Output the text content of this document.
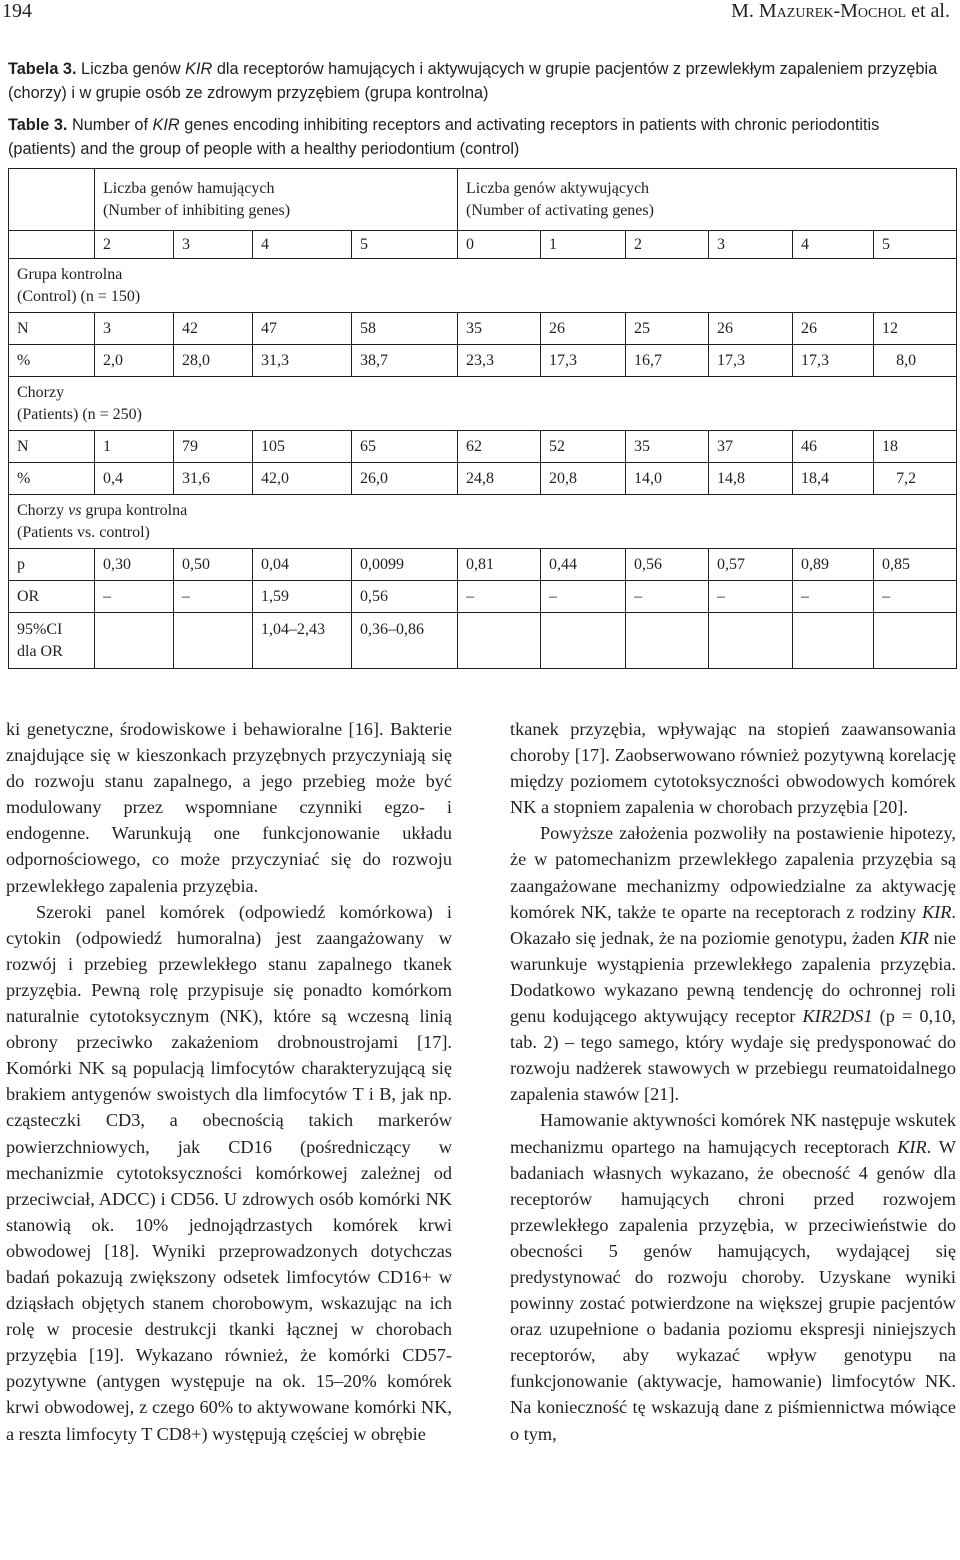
194	M. Mazurek-Mochol et al.
Tabela 3. Liczba genów KIR dla receptorów hamujących i aktywujących w grupie pacjentów z przewlekłym zapaleniem przyzębia (chorzy) i w grupie osób ze zdrowym przyzębiem (grupa kontrolna)
Table 3. Number of KIR genes encoding inhibiting receptors and activating receptors in patients with chronic periodontitis (patients) and the group of people with a healthy periodontium (control)
	Liczba genów hamujących
(Number of inhibiting genes)				Liczba genów aktywujących
(Number of activating genes)					
	2	3	4	5	0	1	2	3	4	5
Grupa kontrolna
(Control) (n = 150)										
N	3	42	47	58	35	26	25	26	26	12
%	2,0	28,0	31,3	38,7	23,3	17,3	16,7	17,3	17,3	8,0
Chorzy
(Patients) (n = 250)										
N	1	79	105	65	62	52	35	37	46	18
%	0,4	31,6	42,0	26,0	24,8	20,8	14,0	14,8	18,4	7,2
Chorzy vs grupa kontrolna
(Patients vs. control)										
p	0,30	0,50	0,04	0,0099	0,81	0,44	0,56	0,57	0,89	0,85
OR	–	–	1,59	0,56	–	–	–	–	–	–
95%CI
dla OR			1,04–2,43	0,36–0,86						

ki genetyczne, środowiskowe i behawioralne [16]. Bakterie znajdujące się w kieszonkach przyzębnych przyczyniają się do rozwoju stanu zapalnego, a jego przebieg może być modulowany przez wspomniane czynniki egzo- i endogenne. Warunkują one funkcjonowanie układu odpornościowego, co może przyczyniać się do rozwoju przewlekłego zapalenia przyzębia.

Szeroki panel komórek (odpowiedź komórkowa) i cytokin (odpowiedź humoralna) jest zaangażowany w rozwój i przebieg przewlekłego stanu zapalnego tkanek przyzębia. Pewną rolę przypisuje się ponadto komórkom naturalnie cytotoksycznym (NK), które są wczesną linią obrony przeciwko zakażeniom drobnoustrojami [17]. Komórki NK są populacją limfocytów charakteryzującą się brakiem antygenów swoistych dla limfocytów T i B, jak np. cząsteczki CD3, a obecnością takich markerów powierzchniowych, jak CD16 (pośredniczący w mechanizmie cytotoksyczności komórkowej zależnej od przeciwciał, ADCC) i CD56. U zdrowych osób komórki NK stanowią ok. 10% jednojądrzastych komórek krwi obwodowej [18]. Wyniki przeprowadzonych dotychczas badań pokazują zwiększony odsetek limfocytów CD16+ w dziąsłach objętych stanem chorobowym, wskazując na ich rolę w procesie destrukcji tkanki łącznej w chorobach przyzębia [19]. Wykazano również, że komórki CD57-pozytywne (antygen występuje na ok. 15–20% komórek krwi obwodowej, z czego 60% to aktywowane komórki NK, a reszta limfocyty T CD8+) występują częściej w obrębie

tkanek przyzębia, wpływając na stopień zaawansowania choroby [17]. Zaobserwowano również pozytywną korelację między poziomem cytotoksyczności obwodowych komórek NK a stopniem zapalenia w chorobach przyzębia [20].

Powyższe założenia pozwoliły na postawienie hipotezy, że w patomechanizm przewlekłego zapalenia przyzębia są zaangażowane mechanizmy odpowiedzialne za aktywację komórek NK, także te oparte na receptorach z rodziny KIR. Okazało się jednak, że na poziomie genotypu, żaden KIR nie warunkuje wystąpienia przewlekłego zapalenia przyzębia. Dodatkowo wykazano pewną tendencję do ochronnej roli genu kodującego aktywujący receptor KIR2DS1 (p = 0,10, tab. 2) – tego samego, który wydaje się predysponować do rozwoju nadżerek stawowych w przebiegu reumatoidalnego zapalenia stawów [21].

Hamowanie aktywności komórek NK następuje wskutek mechanizmu opartego na hamujących receptorach KIR. W badaniach własnych wykazano, że obecność 4 genów dla receptorów hamujących chroni przed rozwojem przewlekłego zapalenia przyzębia, w przeciwieństwie do obecności 5 genów hamujących, wydającej się predystynować do rozwoju choroby. Uzyskane wyniki powinny zostać potwierdzone na większej grupie pacjentów oraz uzupełnione o badania poziomu ekspresji niniejszych receptorów, aby wykazać wpływ genotypu na funkcjonowanie (aktywacje, hamowanie) limfocytów NK. Na konieczność tę wskazują dane z piśmiennictwa mówiące o tym,
